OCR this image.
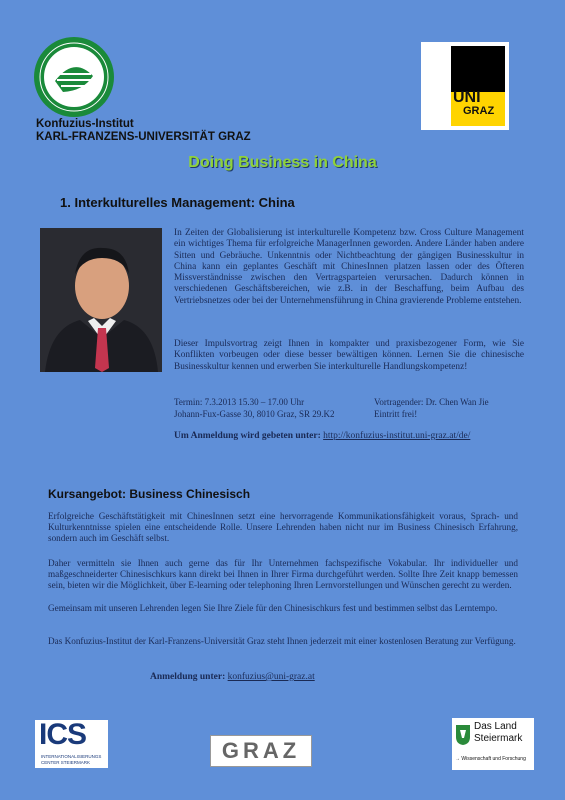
Konfuzius-Institut
KARL-FRANZENS-UNIVERSITÄT GRAZ
UNI
GRAZ
Doing Business in China
1. Interkulturelles Management: China
In Zeiten der Globalisierung ist interkulturelle Kompetenz bzw. Cross Culture Management ein wichtiges Thema für erfolgreiche ManagerInnen geworden. Andere Länder haben andere Sitten und Gebräuche. Unkenntnis oder Nichtbeachtung der gängigen Businesskultur in China kann ein geplantes Geschäft mit ChinesInnen platzen lassen oder des Öfteren Missverständnisse zwischen den Vertragsparteien verursachen. Dadurch können in verschiedenen Geschäftsbereichen, wie z.B. in der Beschaffung, beim Aufbau des Vertriebsnetzes oder bei der Unternehmensführung in China gravierende Probleme entstehen.
Dieser Impulsvortrag zeigt Ihnen in kompakter und praxisbezogener Form, wie Sie Konflikten vorbeugen oder diese besser bewältigen können. Lernen Sie die chinesische Businesskultur kennen und erwerben Sie interkulturelle Handlungskompetenz!
Termin: 7.3.2013 15.30 – 17.00 Uhr
Johann-Fux-Gasse 30, 8010 Graz, SR 29.K2
Vortragender: Dr. Chen Wan Jie
Eintritt frei!
Um Anmeldung wird gebeten unter: http://konfuzius-institut.uni-graz.at/de/
Kursangebot: Business Chinesisch
Erfolgreiche Geschäftstätigkeit mit ChinesInnen setzt eine hervorragende Kommunikationsfähigkeit voraus, Sprach- und Kulturkenntnisse spielen eine entscheidende Rolle. Unsere Lehrenden haben nicht nur im Business Chinesisch Erfahrung, sondern auch im Geschäft selbst.
Daher vermitteln sie Ihnen auch gerne das für Ihr Unternehmen fachspezifische Vokabular. Ihr individueller und maßgeschneiderter Chinesischkurs kann direkt bei Ihnen in Ihrer Firma durchgeführt werden. Sollte Ihre Zeit knapp bemessen sein, bieten wir die Möglichkeit, über E-learning oder telephoning Ihren Lernvorstellungen und Wünschen gerecht zu werden.
Gemeinsam mit unseren Lehrenden legen Sie Ihre Ziele für den Chinesischkurs fest und bestimmen selbst das Lerntempo.
Das Konfuzius-Institut der Karl-Franzens-Universität Graz steht Ihnen jederzeit mit einer kostenlosen Beratung zur Verfügung.
Anmeldung unter: konfuzius@uni-graz.at
ICS
INTERNATIONALISIERUNGS
CENTER STEIERMARK	GRAZ
Das Land
Steiermark
→ Wissenschaft und Forschung
